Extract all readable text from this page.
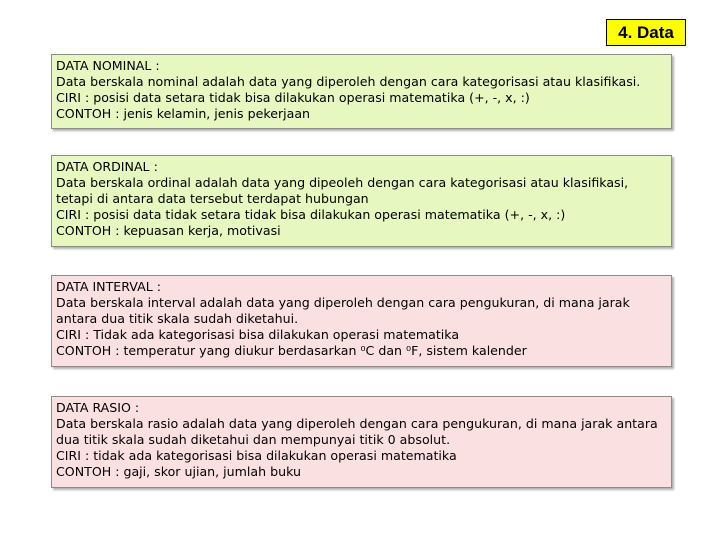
4. Data

DATA NOMINAL :

Data berskala nominal adalah data yang diperoleh dengan cara kategorisasi atau klasifikasi.

CIRI : posisi data setara tidak bisa dilakukan operasi matematika (+, -, x, :)

CONTOH : jenis kelamin, jenis pekerjaan

DATA ORDINAL :

Data berskala ordinal adalah data yang dipeoleh dengan cara kategorisasi atau klasifikasi, tetapi di antara data tersebut terdapat hubungan

CIRI : posisi data tidak setara tidak bisa dilakukan operasi matematika (+, -, x, :)

CONTOH : kepuasan kerja, motivasi

DATA INTERVAL :

Data berskala interval adalah data yang diperoleh dengan cara pengukuran, di mana jarak antara dua titik skala sudah diketahui.

CIRI : Tidak ada kategorisasi bisa dilakukan operasi matematika

CONTOH : temperatur yang diukur berdasarkan ⁰C dan ⁰F, sistem kalender

DATA RASIO :

Data berskala rasio adalah data yang diperoleh dengan cara pengukuran, di mana jarak antara dua titik skala sudah diketahui dan mempunyai titik 0 absolut.

CIRI : tidak ada kategorisasi bisa dilakukan operasi matematika

CONTOH : gaji, skor ujian, jumlah buku
